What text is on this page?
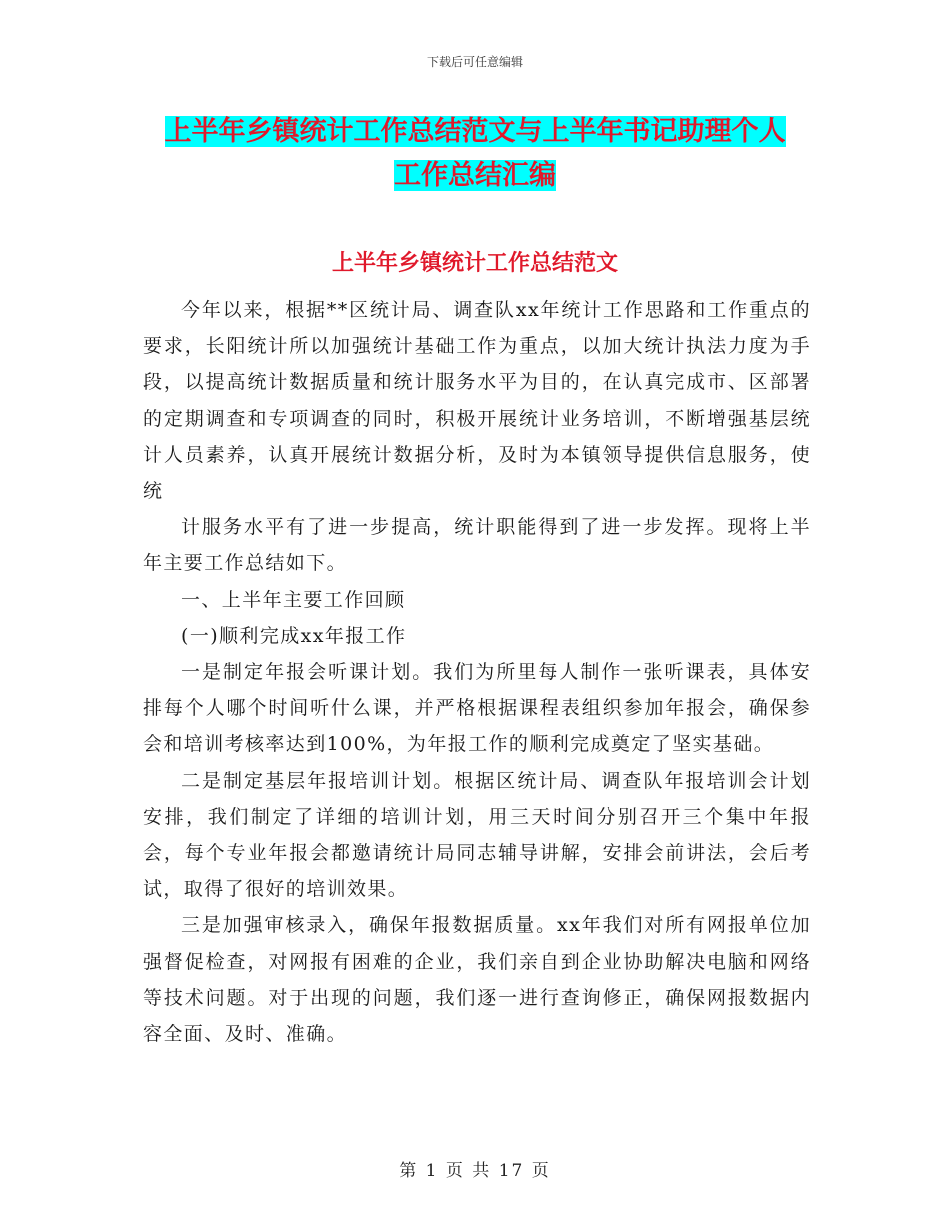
下载后可任意编辑
上半年乡镇统计工作总结范文与上半年书记助理个人
工作总结汇编
上半年乡镇统计工作总结范文

今年以来，根据**区统计局、调查队xx年统计工作思路和工作重点的要求，长阳统计所以加强统计基础工作为重点，以加大统计执法力度为手段，以提高统计数据质量和统计服务水平为目的，在认真完成市、区部署的定期调查和专项调查的同时，积极开展统计业务培训，不断增强基层统计人员素养，认真开展统计数据分析，及时为本镇领导提供信息服务，使统

计服务水平有了进一步提高，统计职能得到了进一步发挥。现将上半年主要工作总结如下。

一、上半年主要工作回顾

(一)顺利完成xx年报工作

一是制定年报会听课计划。我们为所里每人制作一张听课表，具体安排每个人哪个时间听什么课，并严格根据课程表组织参加年报会，确保参会和培训考核率达到100%，为年报工作的顺利完成奠定了坚实基础。

二是制定基层年报培训计划。根据区统计局、调查队年报培训会计划安排，我们制定了详细的培训计划，用三天时间分别召开三个集中年报会，每个专业年报会都邀请统计局同志辅导讲解，安排会前讲法，会后考试，取得了很好的培训效果。

三是加强审核录入，确保年报数据质量。xx年我们对所有网报单位加强督促检查，对网报有困难的企业，我们亲自到企业协助解决电脑和网络等技术问题。对于出现的问题，我们逐一进行查询修正，确保网报数据内容全面、及时、准确。

第 1 页 共 17 页
